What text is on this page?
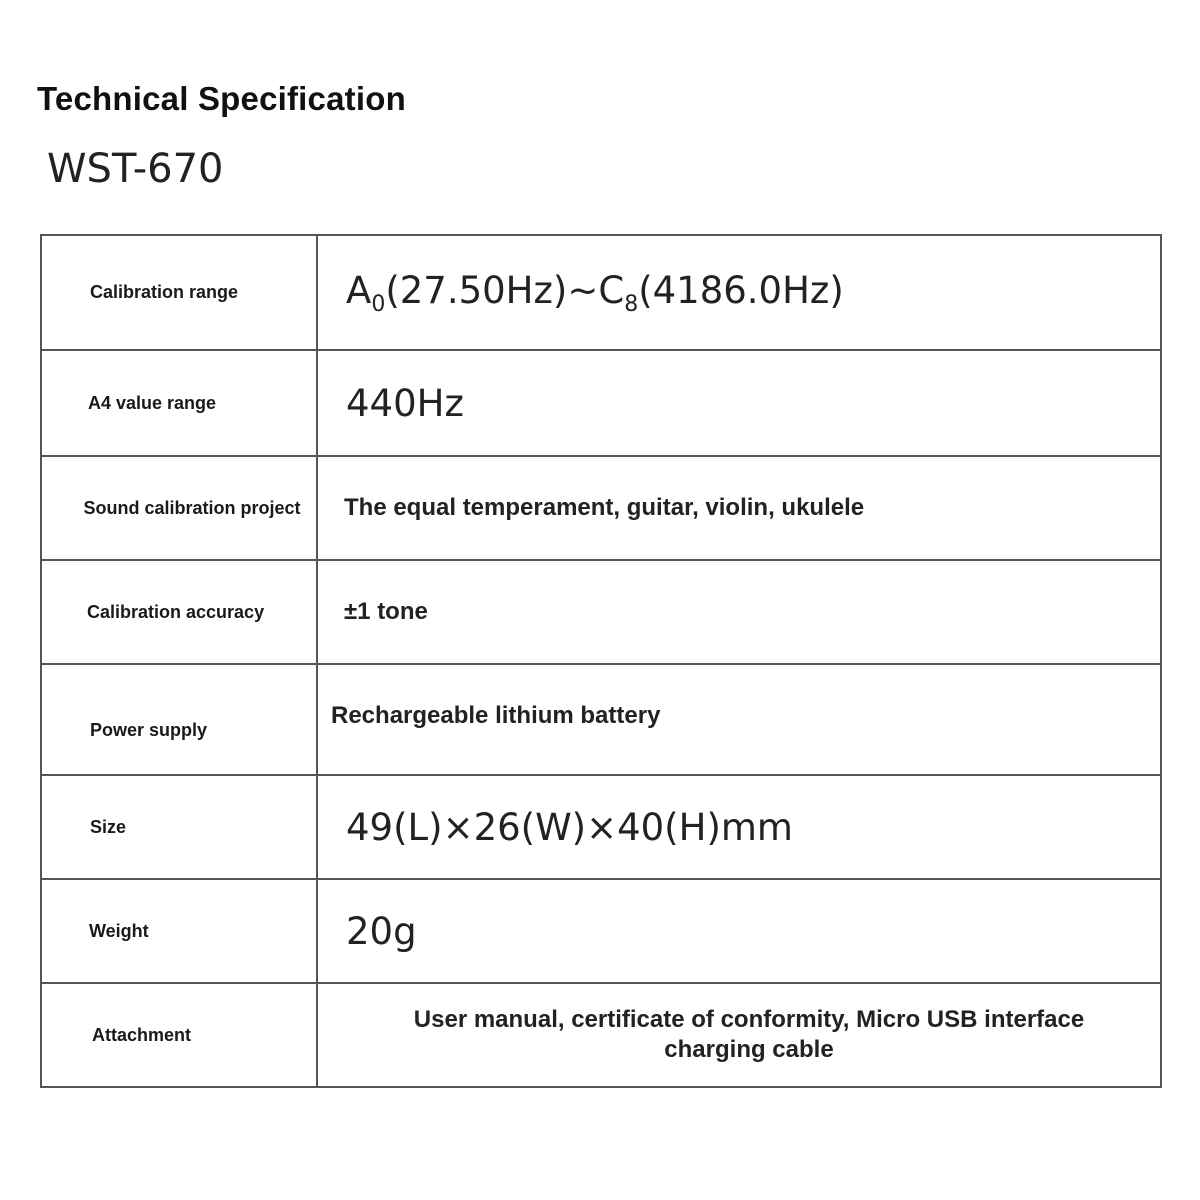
Technical Specification
WST-670
Calibration range	$A_0(27.50Hz)\sim C_8(4186.0Hz)$

A4 value range	440Hz

Sound calibration project	The equal temperament, guitar, violin, ukulele

Calibration accuracy	±1 tone

Power supply	Rechargeable lithium battery

Size	49(L)×26(W)×40(H)mm

Weight	20g

Attachment	User manual, certificate of conformity, Micro USB interface charging cable
